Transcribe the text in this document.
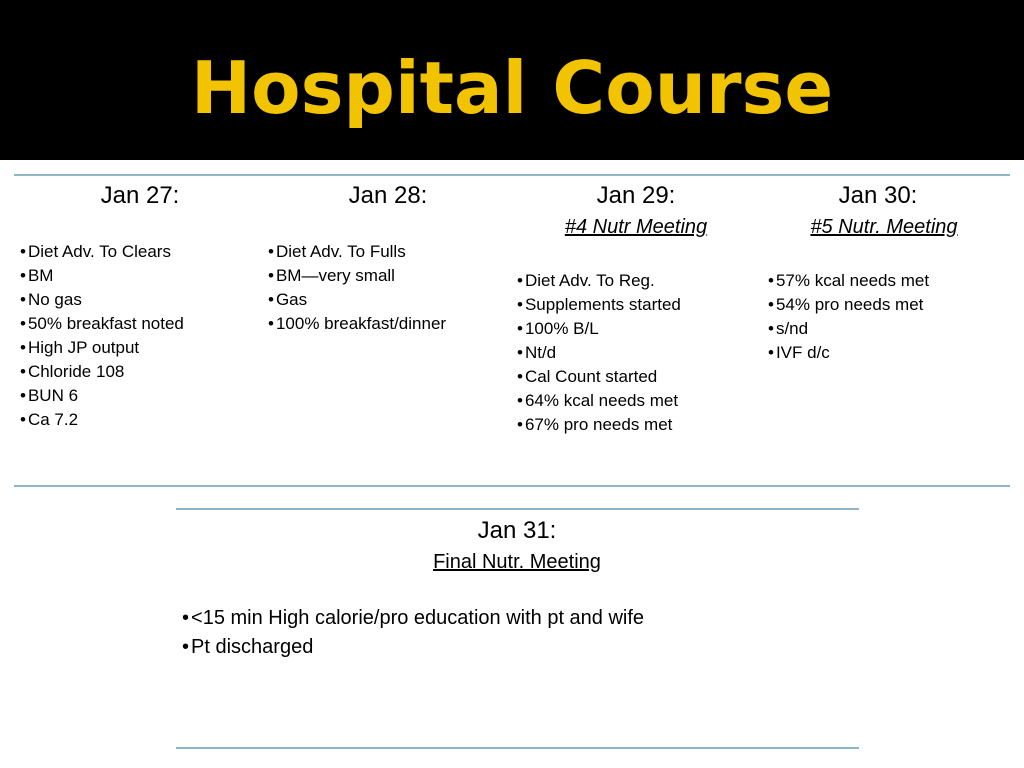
Hospital Course
Jan 27:
• Diet Adv. To Clears
• BM
• No gas
• 50% breakfast noted
• High JP output
• Chloride 108
• BUN 6
• Ca 7.2
Jan 28:
• Diet Adv. To Fulls
• BM—very small
• Gas
• 100% breakfast/dinner
Jan 29:
#4 Nutr Meeting
• Diet Adv. To Reg.
• Supplements started
• 100% B/L
• Nt/d
• Cal Count started
• 64% kcal needs met
• 67% pro needs met
Jan 30:
#5 Nutr. Meeting
• 57% kcal needs met
• 54% pro needs met
• s/nd
• IVF d/c
Jan 31:
Final Nutr. Meeting
• <15 min High calorie/pro education with pt and wife
• Pt discharged
